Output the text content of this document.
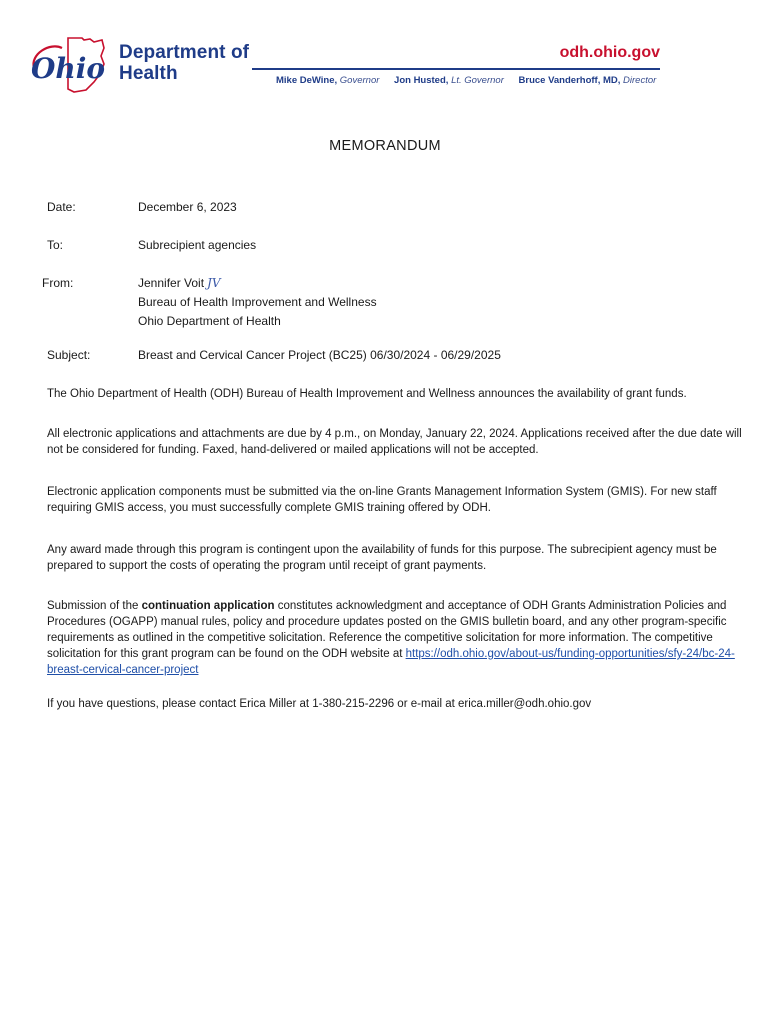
Ohio Department of
Health
odh.ohio.gov
Mike DeWine, Governor Jon Husted, Lt. Governor Bruce Vanderhoff, MD, Director
MEMORANDUM
Date:	December 6, 2023
To:	Subrecipient agencies
From:	Jennifer Voit JV
Bureau of Health Improvement and Wellness
Ohio Department of Health
Subject:	Breast and Cervical Cancer Project (BC25) 06/30/2024 - 06/29/2025
The Ohio Department of Health (ODH) Bureau of Health Improvement and Wellness announces the availability of grant funds.
All electronic applications and attachments are due by 4 p.m., on Monday, January 22, 2024. Applications received after the due date will not be considered for funding. Faxed, hand-delivered or mailed applications will not be accepted.
Electronic application components must be submitted via the on-line Grants Management Information System (GMIS). For new staff requiring GMIS access, you must successfully complete GMIS training offered by ODH.
Any award made through this program is contingent upon the availability of funds for this purpose. The subrecipient agency must be prepared to support the costs of operating the program until receipt of grant payments.
Submission of the continuation application constitutes acknowledgment and acceptance of ODH Grants Administration Policies and Procedures (OGAPP) manual rules, policy and procedure updates posted on the GMIS bulletin board, and any other program-specific requirements as outlined in the competitive solicitation. Reference the competitive solicitation for more information. The competitive solicitation for this grant program can be found on the ODH website at https://odh.ohio.gov/about-us/funding-opportunities/sfy-24/bc-24-breast-cervical-cancer-project
If you have questions, please contact Erica Miller at 1-380-215-2296 or e-mail at erica.miller@odh.ohio.gov
